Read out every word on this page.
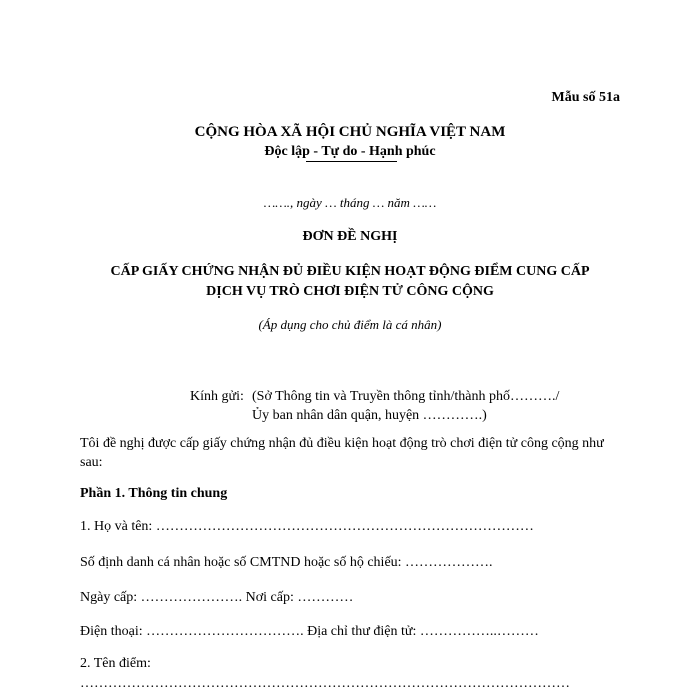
Mẫu số 51a
CỘNG HÒA XÃ HỘI CHỦ NGHĨA VIỆT NAM
Độc lập - Tự do - Hạnh phúc
……., ngày … tháng … năm ……
ĐƠN ĐỀ NGHỊ
CẤP GIẤY CHỨNG NHẬN ĐỦ ĐIỀU KIỆN HOẠT ĐỘNG ĐIỂM CUNG CẤP
DỊCH VỤ TRÒ CHƠI ĐIỆN TỬ CÔNG CỘNG
(Áp dụng cho chủ điểm là cá nhân)
Kính gửi: (Sở Thông tin và Truyền thông tỉnh/thành phố………./
Ủy ban nhân dân quận, huyện ………….)
Tôi đề nghị được cấp giấy chứng nhận đủ điều kiện hoạt động trò chơi điện tử công cộng như sau:
Phần 1. Thông tin chung
1. Họ và tên: ………………………………………………………………………
Số định danh cá nhân hoặc số CMTND hoặc số hộ chiếu: ……………….
Ngày cấp: …………………. Nơi cấp: …………
Điện thoại: ……………………………. Địa chỉ thư điện tử: ……………..………
2. Tên điểm:
……………………………………………………………………………………………
